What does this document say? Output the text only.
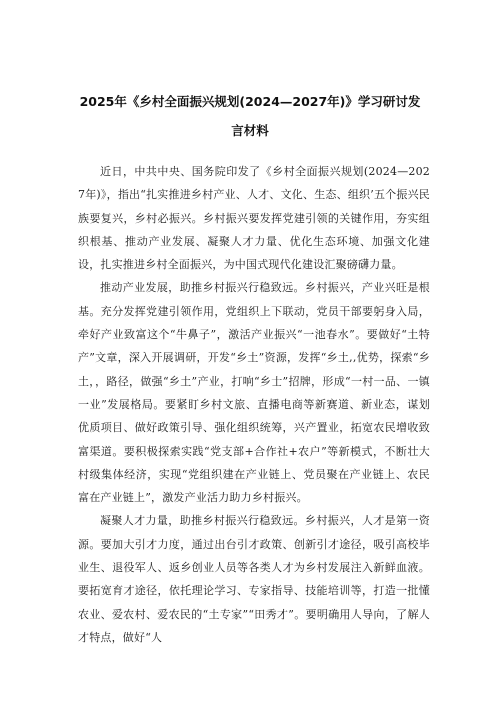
2025年《乡村全面振兴规划(2024—2027年)》学习研讨发
言材料

近日，中共中央、国务院印发了《乡村全面振兴规划(2024—2027年)》，指出“扎实推进乡村产业、人才、文化、生态、组织’五个振兴民族要复兴，乡村必振兴。乡村振兴要发挥党建引领的关键作用，夯实组织根基、推动产业发展、凝聚人才力量、优化生态环境、加强文化建设，扎实推进乡村全面振兴，为中国式现代化建设汇聚磅礴力量。

推动产业发展，助推乡村振兴行稳致远。乡村振兴，产业兴旺是根基。充分发挥党建引领作用，党组织上下联动，党员干部要躬身入局，牵好产业致富这个“牛鼻子”，激活产业振兴“一池春水”。要做好“土特产”文章，深入开展调研，开发“乡土”资源，发挥“乡土,,优势，探索“乡土，，路径，做强“乡土”产业，打响“乡士”招牌，形成“一村一品、一镇一业”发展格局。要紧盯乡村文旅、直播电商等新赛道、新业态，谋划优质项目、做好政策引导、强化组织统筹，兴产置业，拓宽农民增收致富渠道。要积极探索实践“党支部+合作社+农户”等新模式，不断壮大村级集体经济，实现“党组织建在产业链上、党员聚在产业链上、农民富在产业链上”，激发产业活力助力乡村振兴。

凝聚人才力量，助推乡村振兴行稳致远。乡村振兴，人才是第一资源。要加大引才力度，通过出台引才政策、创新引才途径，吸引高校毕业生、退役军人、返乡创业人员等各类人才为乡村发展注入新鲜血液。要拓宽育才途径，依托理论学习、专家指导、技能培训等，打造一批懂农业、爱农村、爱农民的“土专家”“田秀才”。要明确用人导向，了解人才特点，做好“人
